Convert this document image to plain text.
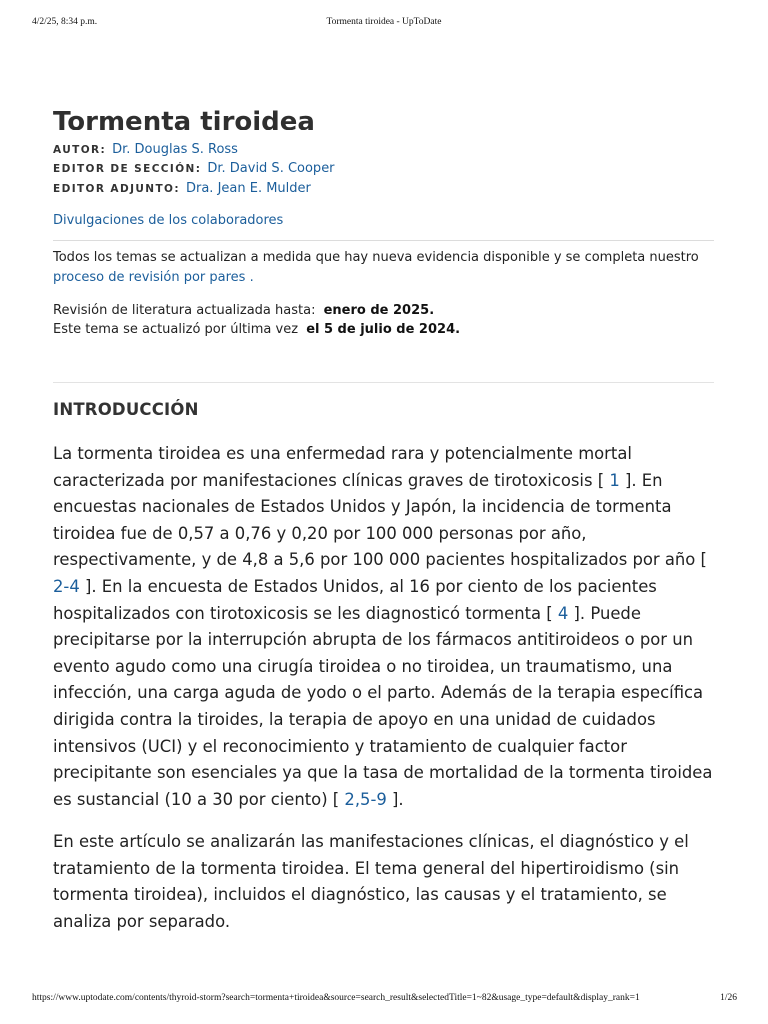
4/2/25, 8:34 p.m.	Tormenta tiroidea - UpToDate
Tormenta tiroidea
AUTOR: Dr. Douglas S. Ross
EDITOR DE SECCIÓN: Dr. David S. Cooper
EDITOR ADJUNTO: Dra. Jean E. Mulder
Divulgaciones de los colaboradores
Todos los temas se actualizan a medida que hay nueva evidencia disponible y se completa nuestro
proceso de revisión por pares .
Revisión de literatura actualizada hasta: enero de 2025.
Este tema se actualizó por última vez el 5 de julio de 2024.
INTRODUCCIÓN

La tormenta tiroidea es una enfermedad rara y potencialmente mortal caracterizada por manifestaciones clínicas graves de tirotoxicosis [ 1 ]. En encuestas nacionales de Estados Unidos y Japón, la incidencia de tormenta tiroidea fue de 0,57 a 0,76 y 0,20 por 100 000 personas por año, respectivamente, y de 4,8 a 5,6 por 100 000 pacientes hospitalizados por año [ 2-4 ]. En la encuesta de Estados Unidos, al 16 por ciento de los pacientes hospitalizados con tirotoxicosis se les diagnosticó tormenta [ 4 ]. Puede precipitarse por la interrupción abrupta de los fármacos antitiroideos o por un evento agudo como una cirugía tiroidea o no tiroidea, un traumatismo, una infección, una carga aguda de yodo o el parto. Además de la terapia específica dirigida contra la tiroides, la terapia de apoyo en una unidad de cuidados intensivos (UCI) y el reconocimiento y tratamiento de cualquier factor precipitante son esenciales ya que la tasa de mortalidad de la tormenta tiroidea es sustancial (10 a 30 por ciento) [ 2,5-9 ].

En este artículo se analizarán las manifestaciones clínicas, el diagnóstico y el tratamiento de la tormenta tiroidea. El tema general del hipertiroidismo (sin tormenta tiroidea), incluidos el diagnóstico, las causas y el tratamiento, se analiza por separado.

https://www.uptodate.com/contents/thyroid-storm?search=tormenta+tiroidea&source=search_result&selectedTitle=1~82&usage_type=default&display_rank=1	1/26
